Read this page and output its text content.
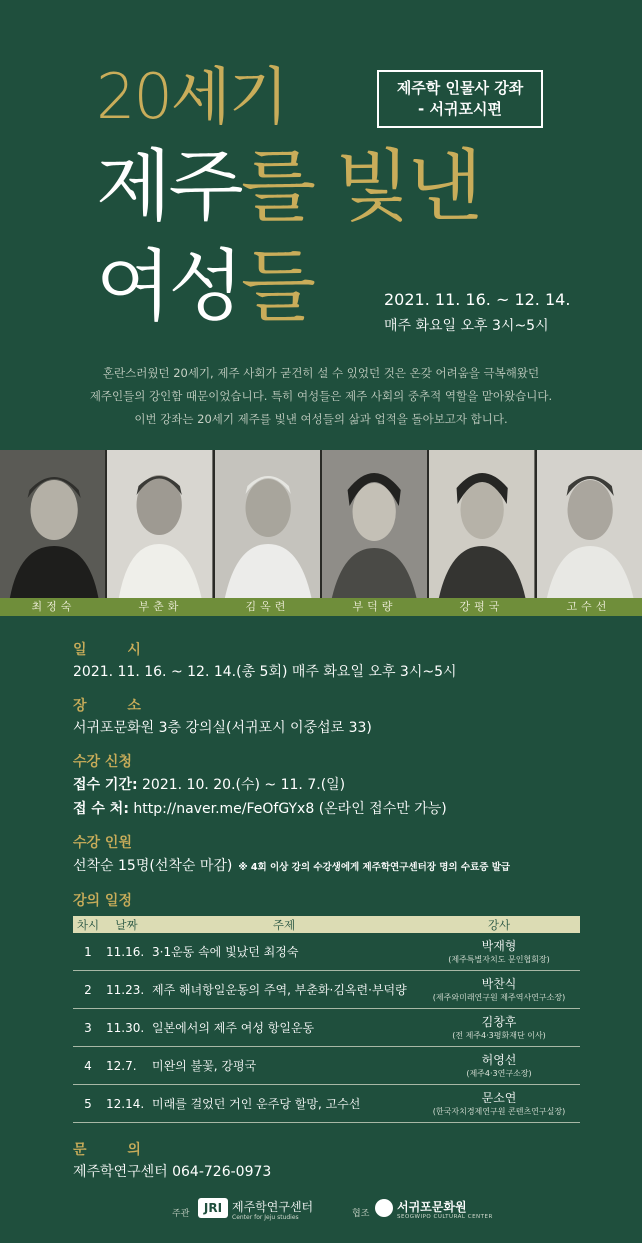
20세기
제주를 빛낸
여성들
제주학 인물사 강좌
- 서귀포시편
2021. 11. 16. ~ 12. 14.
매주 화요일 오후 3시~5시
혼란스러웠던 20세기, 제주 사회가 굳건히 설 수 있었던 것은 온갖 어려움을 극복해왔던
제주인들의 강인함 때문이었습니다. 특히 여성들은 제주 사회의 중추적 역할을 맡아왔습니다.
이번 강좌는 20세기 제주를 빛낸 여성들의 삶과 업적을 돌아보고자 합니다.
최정숙	부춘화	김옥련	부덕량	강평국	고수선
일 시
2021. 11. 16. ~ 12. 14.(총 5회) 매주 화요일 오후 3시~5시
장 소
서귀포문화원 3층 강의실(서귀포시 이중섭로 33)
수강 신청
접수 기간: 2021. 10. 20.(수) ~ 11. 7.(일)
접 수 처: http://naver.me/FeOfGYx8 (온라인 접수만 가능)
수강 인원
선착순 15명(선착순 마감) ※ 4회 이상 강의 수강생에게 제주학연구센터장 명의 수료증 발급
강의 일정
차시	날짜	주제	강사
1	11.16.	3·1운동 속에 빛났던 최정숙	박재형
(제주특별자치도 문인협회장)

2	11.23.	제주 해녀항일운동의 주역, 부춘화·김옥련·부덕량	박찬식
(제주와미래연구원 제주역사연구소장)

3	11.30.	일본에서의 제주 여성 항일운동	김창후
(전 제주4·3평화재단 이사)

4	12.7.	미완의 불꽃, 강평국	허영선
(제주4·3연구소장)

5	12.14.	미래를 걸었던 거인 운주당 할망, 고수선	문소연
(한국자치경제연구원 콘텐츠연구실장)
문 의
제주학연구센터 064-726-0973
주관	JRI 제주학연구센터
Center for Jeju studies	협조 서귀포문화원
SEOGWIPO CULTURAL CENTER
